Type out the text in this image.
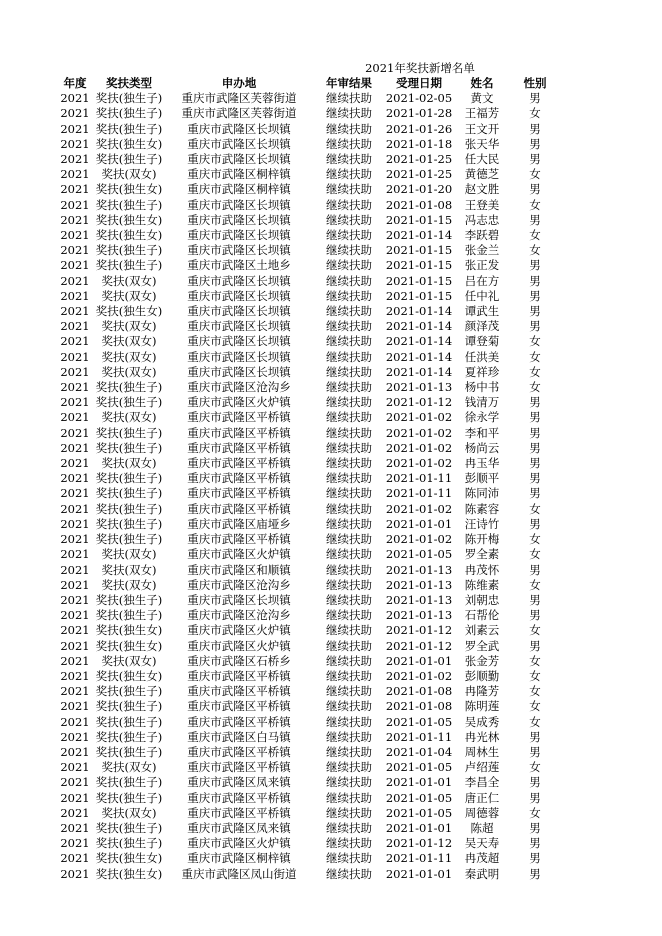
2021年奖扶新增名单
年度	奖扶类型	申办地	年审结果	受理日期	姓名	性别
2021	奖扶(独生子)	重庆市武隆区芙蓉街道	继续扶助	2021-02-05	黄文	男
2021	奖扶(独生子)	重庆市武隆区芙蓉街道	继续扶助	2021-01-28	王福芳	女
2021	奖扶(独生子)	重庆市武隆区长坝镇	继续扶助	2021-01-26	王文开	男
2021	奖扶(独生女)	重庆市武隆区长坝镇	继续扶助	2021-01-18	张天华	男
2021	奖扶(独生子)	重庆市武隆区长坝镇	继续扶助	2021-01-25	任大民	男
2021	奖扶(双女)	重庆市武隆区桐梓镇	继续扶助	2021-01-25	黄德芝	女
2021	奖扶(独生女)	重庆市武隆区桐梓镇	继续扶助	2021-01-20	赵文胜	男
2021	奖扶(独生子)	重庆市武隆区长坝镇	继续扶助	2021-01-08	王登美	女
2021	奖扶(独生女)	重庆市武隆区长坝镇	继续扶助	2021-01-15	冯志忠	男
2021	奖扶(独生女)	重庆市武隆区长坝镇	继续扶助	2021-01-14	李跃碧	女
2021	奖扶(独生子)	重庆市武隆区长坝镇	继续扶助	2021-01-15	张金兰	女
2021	奖扶(独生子)	重庆市武隆区土地乡	继续扶助	2021-01-15	张正发	男
2021	奖扶(双女)	重庆市武隆区长坝镇	继续扶助	2021-01-15	吕在方	男
2021	奖扶(双女)	重庆市武隆区长坝镇	继续扶助	2021-01-15	任中礼	男
2021	奖扶(独生女)	重庆市武隆区长坝镇	继续扶助	2021-01-14	谭武生	男
2021	奖扶(双女)	重庆市武隆区长坝镇	继续扶助	2021-01-14	颜泽茂	男
2021	奖扶(双女)	重庆市武隆区长坝镇	继续扶助	2021-01-14	谭登菊	女
2021	奖扶(双女)	重庆市武隆区长坝镇	继续扶助	2021-01-14	任洪美	女
2021	奖扶(双女)	重庆市武隆区长坝镇	继续扶助	2021-01-14	夏祥珍	女
2021	奖扶(独生子)	重庆市武隆区沧沟乡	继续扶助	2021-01-13	杨中书	女
2021	奖扶(独生子)	重庆市武隆区火炉镇	继续扶助	2021-01-12	钱清万	男
2021	奖扶(双女)	重庆市武隆区平桥镇	继续扶助	2021-01-02	徐永学	男
2021	奖扶(独生子)	重庆市武隆区平桥镇	继续扶助	2021-01-02	李和平	男
2021	奖扶(独生子)	重庆市武隆区平桥镇	继续扶助	2021-01-02	杨尚云	男
2021	奖扶(双女)	重庆市武隆区平桥镇	继续扶助	2021-01-02	冉玉华	男
2021	奖扶(独生子)	重庆市武隆区平桥镇	继续扶助	2021-01-11	彭顺平	男
2021	奖扶(独生子)	重庆市武隆区平桥镇	继续扶助	2021-01-11	陈同沛	男
2021	奖扶(独生子)	重庆市武隆区平桥镇	继续扶助	2021-01-02	陈素容	女
2021	奖扶(独生子)	重庆市武隆区庙垭乡	继续扶助	2021-01-01	汪诗竹	男
2021	奖扶(独生子)	重庆市武隆区平桥镇	继续扶助	2021-01-02	陈开梅	女
2021	奖扶(双女)	重庆市武隆区火炉镇	继续扶助	2021-01-05	罗全素	女
2021	奖扶(双女)	重庆市武隆区和顺镇	继续扶助	2021-01-13	冉茂怀	男
2021	奖扶(双女)	重庆市武隆区沧沟乡	继续扶助	2021-01-13	陈维素	女
2021	奖扶(独生子)	重庆市武隆区长坝镇	继续扶助	2021-01-13	刘朝忠	男
2021	奖扶(独生子)	重庆市武隆区沧沟乡	继续扶助	2021-01-13	石帮伦	男
2021	奖扶(独生女)	重庆市武隆区火炉镇	继续扶助	2021-01-12	刘素云	女
2021	奖扶(独生女)	重庆市武隆区火炉镇	继续扶助	2021-01-12	罗全武	男
2021	奖扶(双女)	重庆市武隆区石桥乡	继续扶助	2021-01-01	张金芳	女
2021	奖扶(独生女)	重庆市武隆区平桥镇	继续扶助	2021-01-02	彭顺勤	女
2021	奖扶(独生子)	重庆市武隆区平桥镇	继续扶助	2021-01-08	冉隆芳	女
2021	奖扶(独生子)	重庆市武隆区平桥镇	继续扶助	2021-01-08	陈明莲	女
2021	奖扶(独生子)	重庆市武隆区平桥镇	继续扶助	2021-01-05	吴成秀	女
2021	奖扶(独生子)	重庆市武隆区白马镇	继续扶助	2021-01-11	冉光林	男
2021	奖扶(独生子)	重庆市武隆区平桥镇	继续扶助	2021-01-04	周林生	男
2021	奖扶(双女)	重庆市武隆区平桥镇	继续扶助	2021-01-05	卢绍莲	女
2021	奖扶(独生子)	重庆市武隆区凤来镇	继续扶助	2021-01-01	李昌全	男
2021	奖扶(独生子)	重庆市武隆区平桥镇	继续扶助	2021-01-05	唐正仁	男
2021	奖扶(双女)	重庆市武隆区平桥镇	继续扶助	2021-01-05	周德蓉	女
2021	奖扶(独生子)	重庆市武隆区凤来镇	继续扶助	2021-01-01	陈超	男
2021	奖扶(独生子)	重庆市武隆区火炉镇	继续扶助	2021-01-12	吴天寿	男
2021	奖扶(独生女)	重庆市武隆区桐梓镇	继续扶助	2021-01-11	冉茂超	男
2021	奖扶(独生女)	重庆市武隆区凤山街道	继续扶助	2021-01-01	秦武明	男
